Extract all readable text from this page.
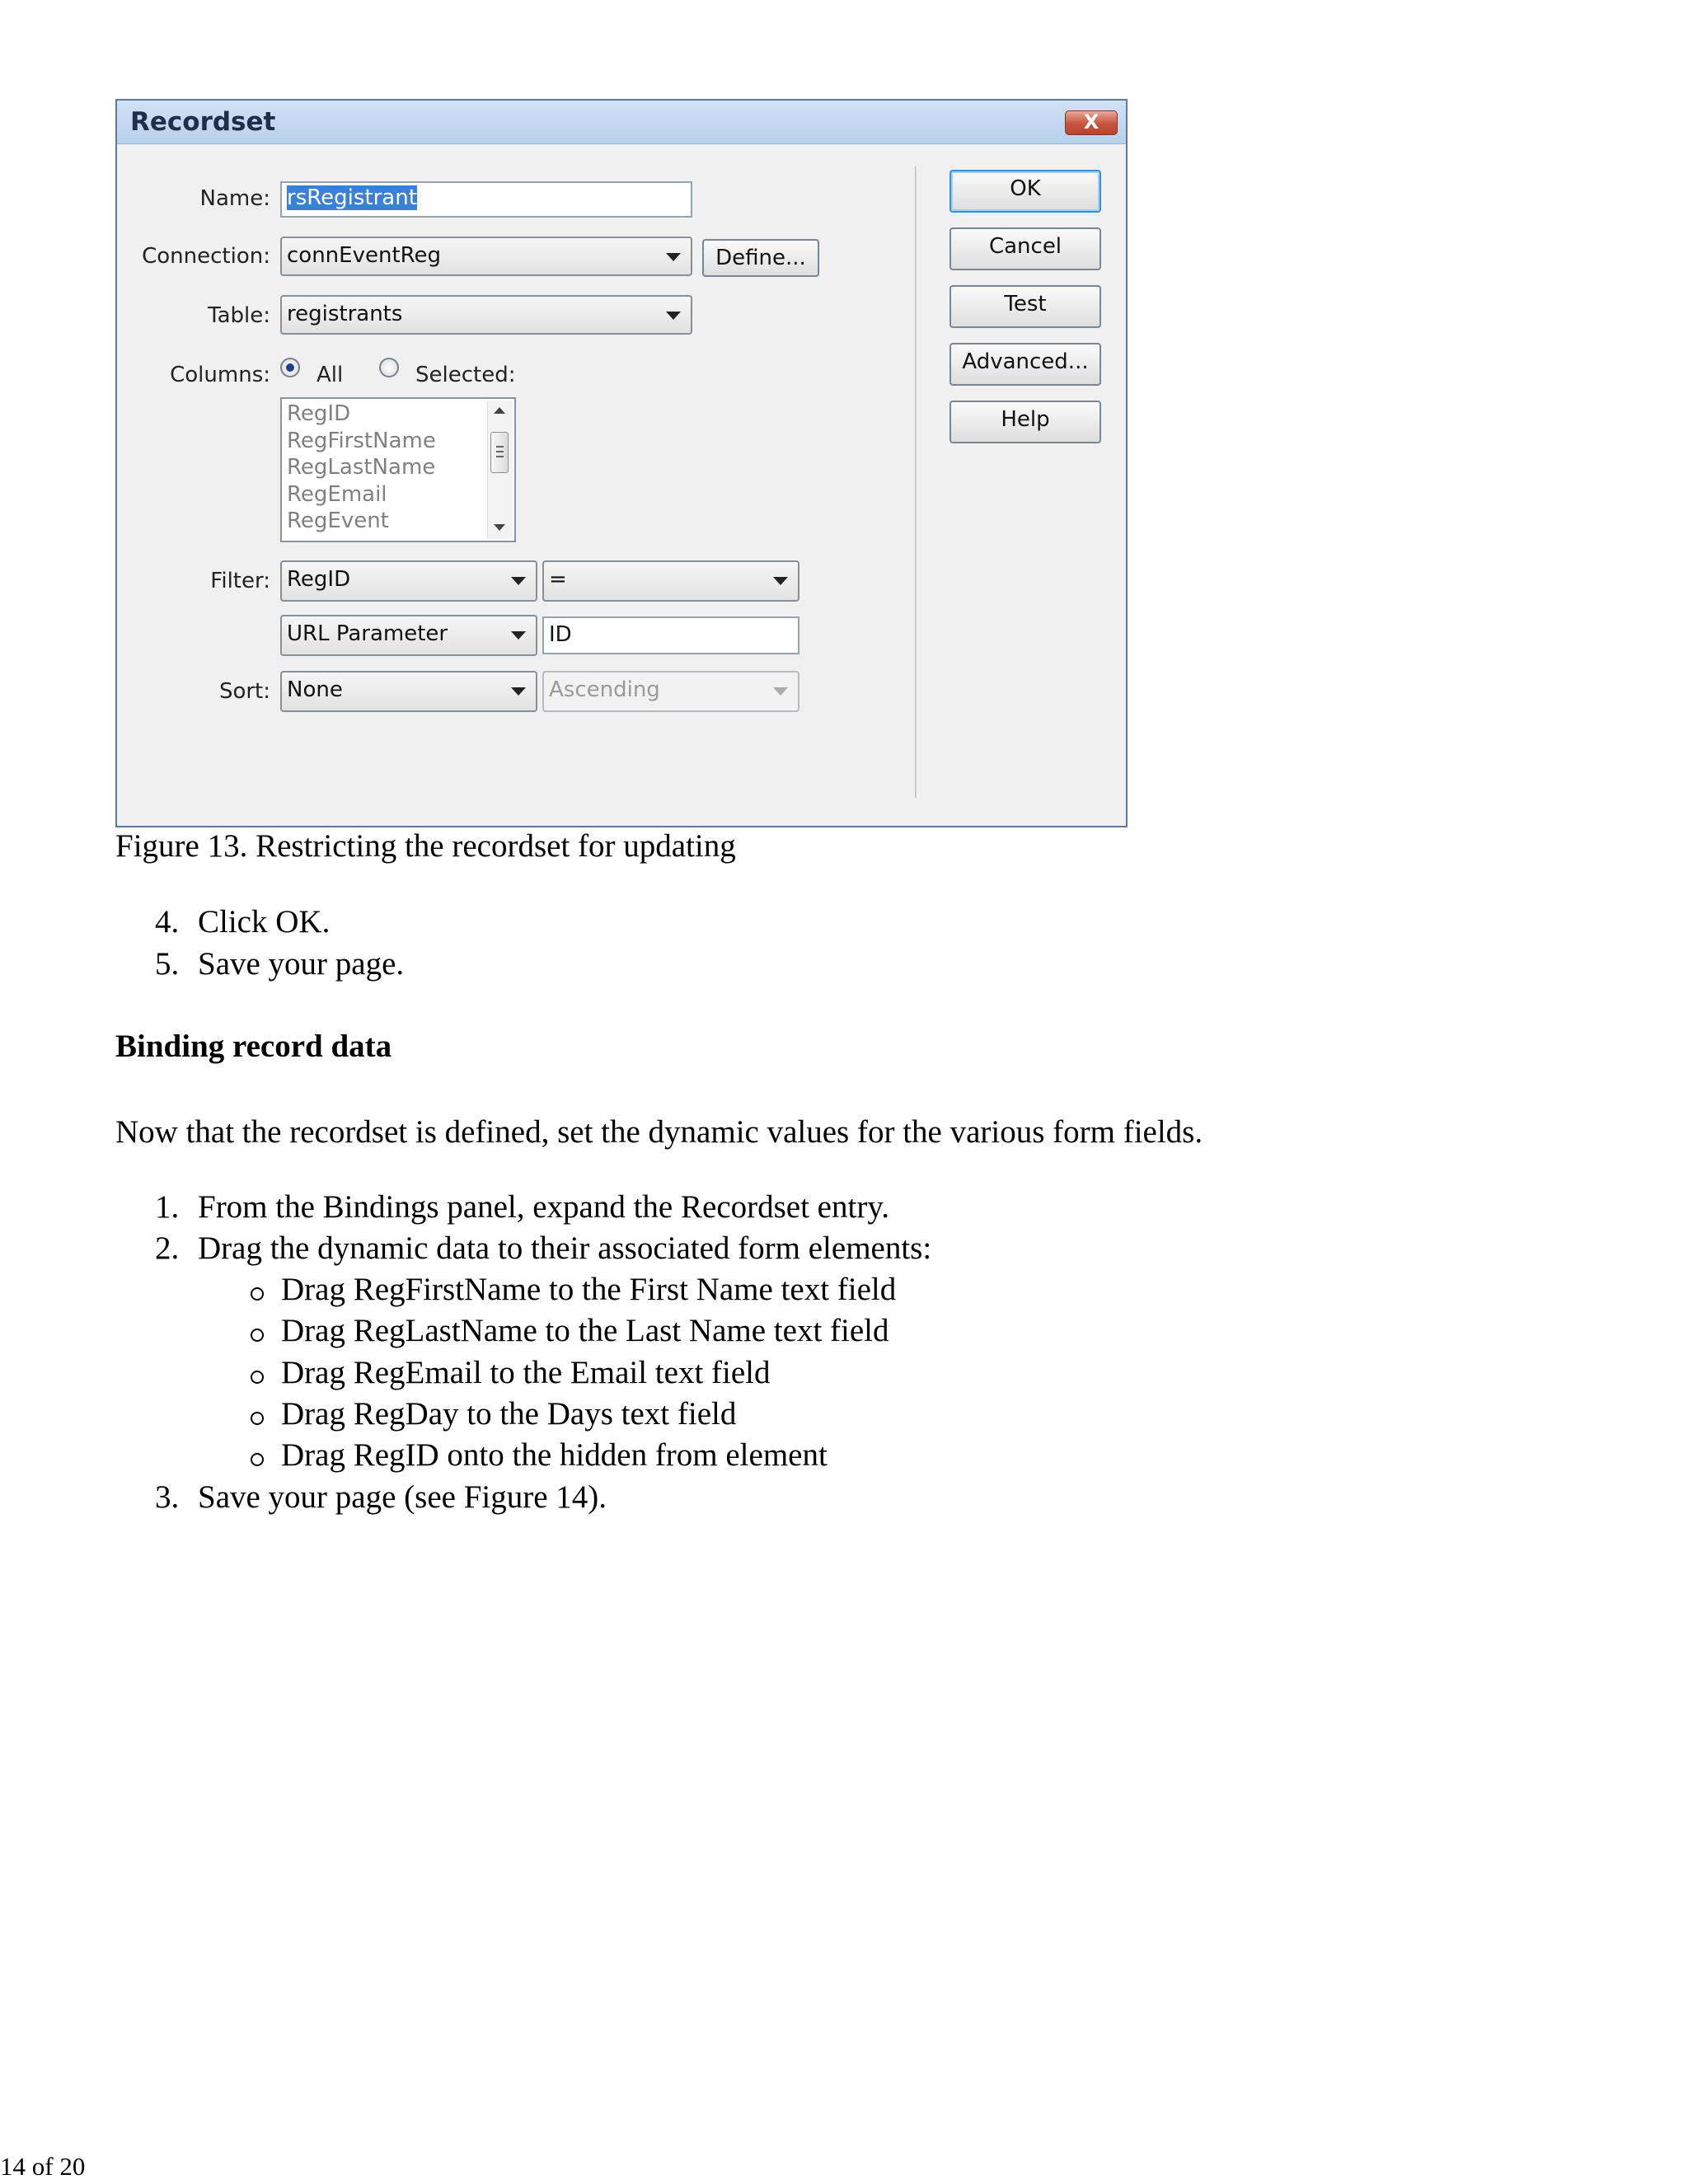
Recordset	X
Name: rsRegistrant
Connection: connEventReg	Define...
Table: registrants
Columns: All	Selected:
RegID
RegFirstName
RegLastName
RegEmail
RegEvent
Filter: RegID	=
URL Parameter	ID
Sort: None	Ascending
OK
Cancel
Test
Advanced...
Help
Figure 13. Restricting the recordset for updating
4. Click OK.
5. Save your page.
Binding record data
Now that the recordset is defined, set the dynamic values for the various form fields.
1. From the Bindings panel, expand the Recordset entry.
2. Drag the dynamic data to their associated form elements:
Drag RegFirstName to the First Name text field
Drag RegLastName to the Last Name text field
Drag RegEmail to the Email text field
Drag RegDay to the Days text field
Drag RegID onto the hidden from element
3. Save your page (see Figure 14).
14 of 20
